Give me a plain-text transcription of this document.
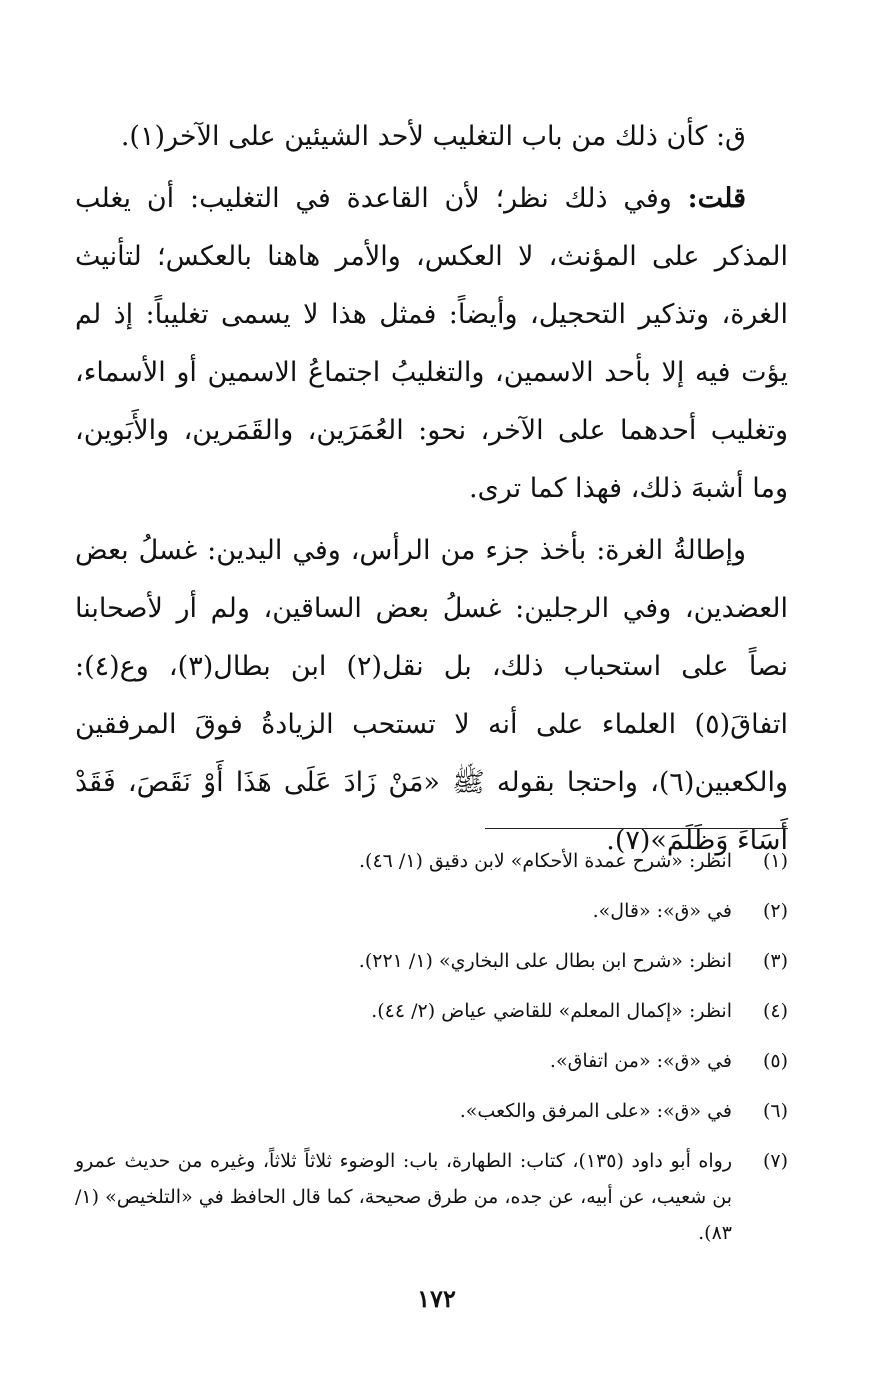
ق: كأن ذلك من باب التغليب لأحد الشيئين على الآخر(١).

قلت: وفي ذلك نظر؛ لأن القاعدة في التغليب: أن يغلب المذكر على المؤنث، لا العكس، والأمر هاهنا بالعكس؛ لتأنيث الغرة، وتذكير التحجيل، وأيضاً: فمثل هذا لا يسمى تغليباً: إذ لم يؤت فيه إلا بأحد الاسمين، والتغليبُ اجتماعُ الاسمين أو الأسماء، وتغليب أحدهما على الآخر، نحو: العُمَرَين، والقَمَرين، والأَبَوين، وما أشبهَ ذلك، فهذا كما ترى.

وإطالةُ الغرة: بأخذ جزء من الرأس، وفي اليدين: غسلُ بعض العضدين، وفي الرجلين: غسلُ بعض الساقين، ولم أر لأصحابنا نصاً على استحباب ذلك، بل نقل(٢) ابن بطال(٣)، وع(٤): اتفاقَ(٥) العلماء على أنه لا تستحب الزيادةُ فوقَ المرفقين والكعبين(٦)، واحتجا بقوله ﷺ «مَنْ زَادَ عَلَى هَذَا أَوْ نَقَصَ، فَقَدْ أَسَاءَ وَظَلَمَ»(٧).

(١)
انظر: «شرح عمدة الأحكام» لابن دقيق (١/ ٤٦).
(٢)
في «ق»: «قال».
(٣)
انظر: «شرح ابن بطال على البخاري» (١/ ٢٢١).
(٤)
انظر: «إكمال المعلم» للقاضي عياض (٢/ ٤٤).
(٥)
في «ق»: «من اتفاق».
(٦)
في «ق»: «على المرفق والكعب».
(٧)
رواه أبو داود (١٣٥)، كتاب: الطهارة، باب: الوضوء ثلاثاً ثلاثاً، وغيره من حديث عمرو بن شعيب، عن أبيه، عن جده، من طرق صحيحة، كما قال الحافظ في «التلخيص» (١/ ٨٣).
١٧٢
